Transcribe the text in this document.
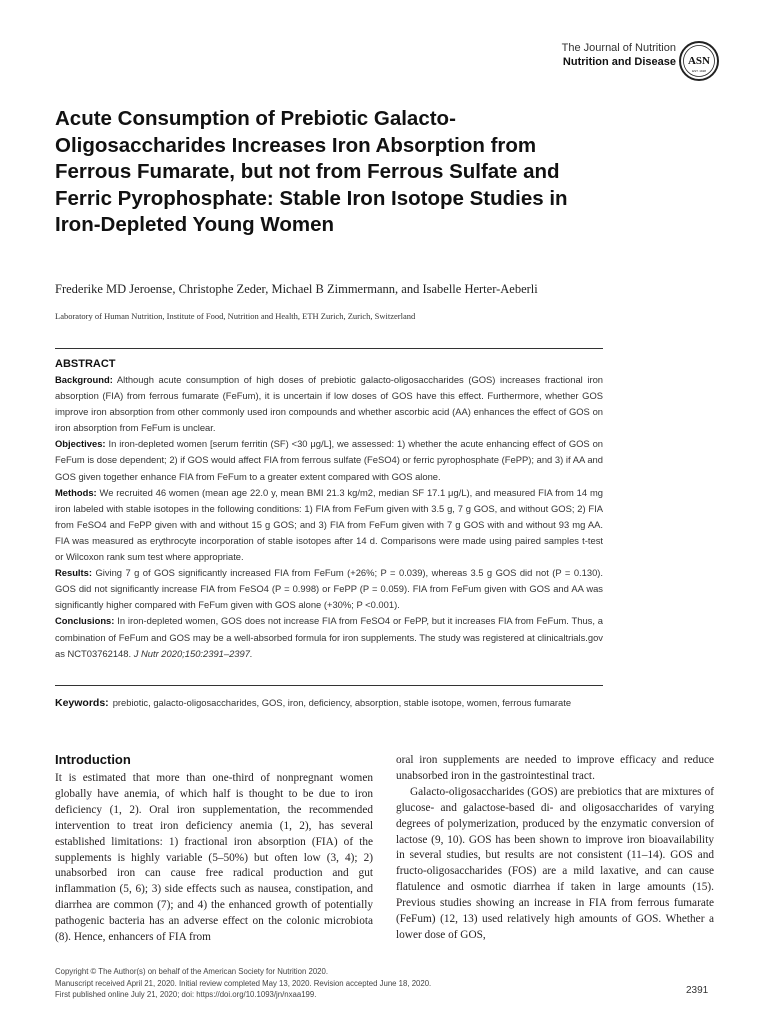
The Journal of Nutrition
Nutrition and Disease ASN
EST. 1928
Acute Consumption of Prebiotic Galacto-Oligosaccharides Increases Iron Absorption from Ferrous Fumarate, but not from Ferrous Sulfate and Ferric Pyrophosphate: Stable Iron Isotope Studies in Iron-Depleted Young Women
Frederike MD Jeroense, Christophe Zeder, Michael B Zimmermann, and Isabelle Herter-Aeberli
Laboratory of Human Nutrition, Institute of Food, Nutrition and Health, ETH Zurich, Zurich, Switzerland
ABSTRACT

Background: Although acute consumption of high doses of prebiotic galacto-oligosaccharides (GOS) increases fractional iron absorption (FIA) from ferrous fumarate (FeFum), it is uncertain if low doses of GOS have this effect. Furthermore, whether GOS improve iron absorption from other commonly used iron compounds and whether ascorbic acid (AA) enhances the effect of GOS on iron absorption from FeFum is unclear.

Objectives: In iron-depleted women [serum ferritin (SF) <30 μg/L], we assessed: 1) whether the acute enhancing effect of GOS on FeFum is dose dependent; 2) if GOS would affect FIA from ferrous sulfate (FeSO4) or ferric pyrophosphate (FePP); and 3) if AA and GOS given together enhance FIA from FeFum to a greater extent compared with GOS alone.

Methods: We recruited 46 women (mean age 22.0 y, mean BMI 21.3 kg/m2, median SF 17.1 μg/L), and measured FIA from 14 mg iron labeled with stable isotopes in the following conditions: 1) FIA from FeFum given with 3.5 g, 7 g GOS, and without GOS; 2) FIA from FeSO4 and FePP given with and without 15 g GOS; and 3) FIA from FeFum given with 7 g GOS with and without 93 mg AA. FIA was measured as erythrocyte incorporation of stable isotopes after 14 d. Comparisons were made using paired samples t-test or Wilcoxon rank sum test where appropriate.

Results: Giving 7 g of GOS significantly increased FIA from FeFum (+26%; P = 0.039), whereas 3.5 g GOS did not (P = 0.130). GOS did not significantly increase FIA from FeSO4 (P = 0.998) or FePP (P = 0.059). FIA from FeFum given with GOS and AA was significantly higher compared with FeFum given with GOS alone (+30%; P <0.001).

Conclusions: In iron-depleted women, GOS does not increase FIA from FeSO4 or FePP, but it increases FIA from FeFum. Thus, a combination of FeFum and GOS may be a well-absorbed formula for iron supplements. The study was registered at clinicaltrials.gov as NCT03762148. J Nutr 2020;150:2391–2397.

Keywords: prebiotic, galacto-oligosaccharides, GOS, iron, deficiency, absorption, stable isotope, women, ferrous fumarate
Introduction

It is estimated that more than one-third of nonpregnant women globally have anemia, of which half is thought to be due to iron deficiency (1, 2). Oral iron supplementation, the recommended intervention to treat iron deficiency anemia (1, 2), has several established limitations: 1) fractional iron absorption (FIA) of the supplements is highly variable (5–50%) but often low (3, 4); 2) unabsorbed iron can cause free radical production and gut inflammation (5, 6); 3) side effects such as nausea, constipation, and diarrhea are common (7); and 4) the enhanced growth of potentially pathogenic bacteria has an adverse effect on the colonic microbiota (8). Hence, enhancers of FIA from

oral iron supplements are needed to improve efficacy and reduce unabsorbed iron in the gastrointestinal tract.

Galacto-oligosaccharides (GOS) are prebiotics that are mixtures of glucose- and galactose-based di- and oligosaccharides of varying degrees of polymerization, produced by the enzymatic conversion of lactose (9, 10). GOS has been shown to improve iron bioavailability in several studies, but results are not consistent (11–14). GOS and fructo-oligosaccharides (FOS) are a mild laxative, and can cause flatulence and osmotic diarrhea if taken in large amounts (15). Previous studies showing an increase in FIA from ferrous fumarate (FeFum) (12, 13) used relatively high amounts of GOS. Whether a lower dose of GOS,

Copyright © The Author(s) on behalf of the American Society for Nutrition 2020.

Manuscript received April 21, 2020. Initial review completed May 13, 2020. Revision accepted June 18, 2020.

First published online July 21, 2020; doi: https://doi.org/10.1093/jn/nxaa199.	2391
